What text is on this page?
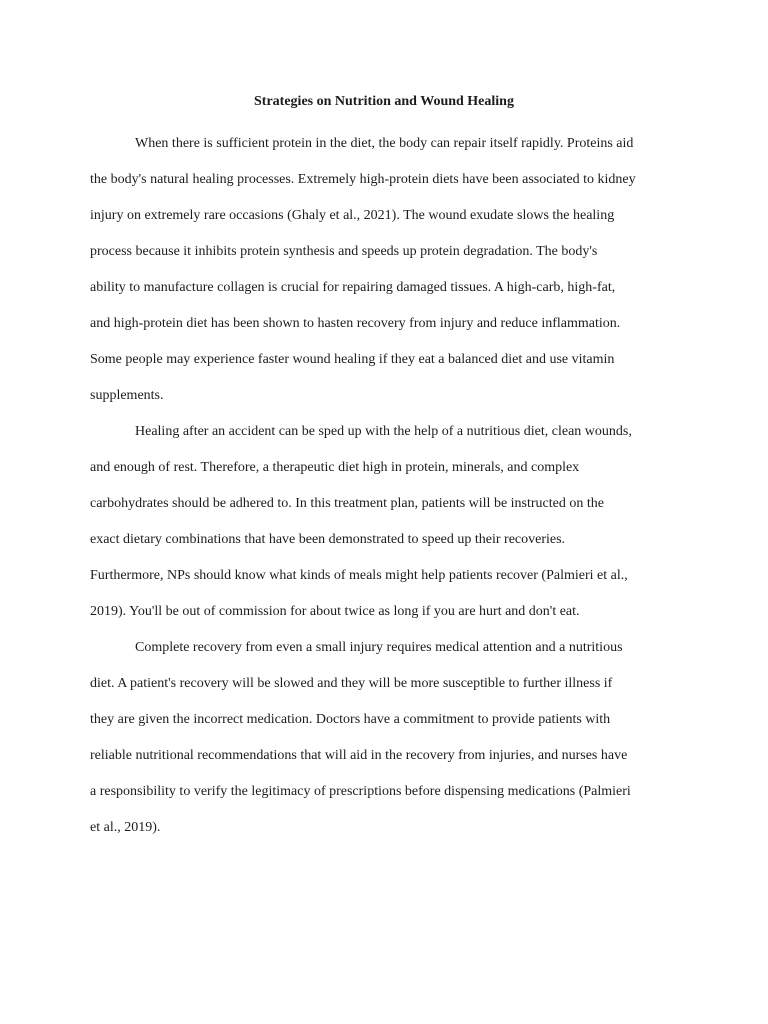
Strategies on Nutrition and Wound Healing
When there is sufficient protein in the diet, the body can repair itself rapidly. Proteins aid
the body's natural healing processes. Extremely high-protein diets have been associated to kidney
injury on extremely rare occasions (Ghaly et al., 2021). The wound exudate slows the healing
process because it inhibits protein synthesis and speeds up protein degradation. The body's
ability to manufacture collagen is crucial for repairing damaged tissues. A high-carb, high-fat,
and high-protein diet has been shown to hasten recovery from injury and reduce inflammation.
Some people may experience faster wound healing if they eat a balanced diet and use vitamin
supplements.
Healing after an accident can be sped up with the help of a nutritious diet, clean wounds,
and enough of rest. Therefore, a therapeutic diet high in protein, minerals, and complex
carbohydrates should be adhered to. In this treatment plan, patients will be instructed on the
exact dietary combinations that have been demonstrated to speed up their recoveries.
Furthermore, NPs should know what kinds of meals might help patients recover (Palmieri et al.,
2019). You'll be out of commission for about twice as long if you are hurt and don't eat.
Complete recovery from even a small injury requires medical attention and a nutritious
diet. A patient's recovery will be slowed and they will be more susceptible to further illness if
they are given the incorrect medication. Doctors have a commitment to provide patients with
reliable nutritional recommendations that will aid in the recovery from injuries, and nurses have
a responsibility to verify the legitimacy of prescriptions before dispensing medications (Palmieri
et al., 2019).
